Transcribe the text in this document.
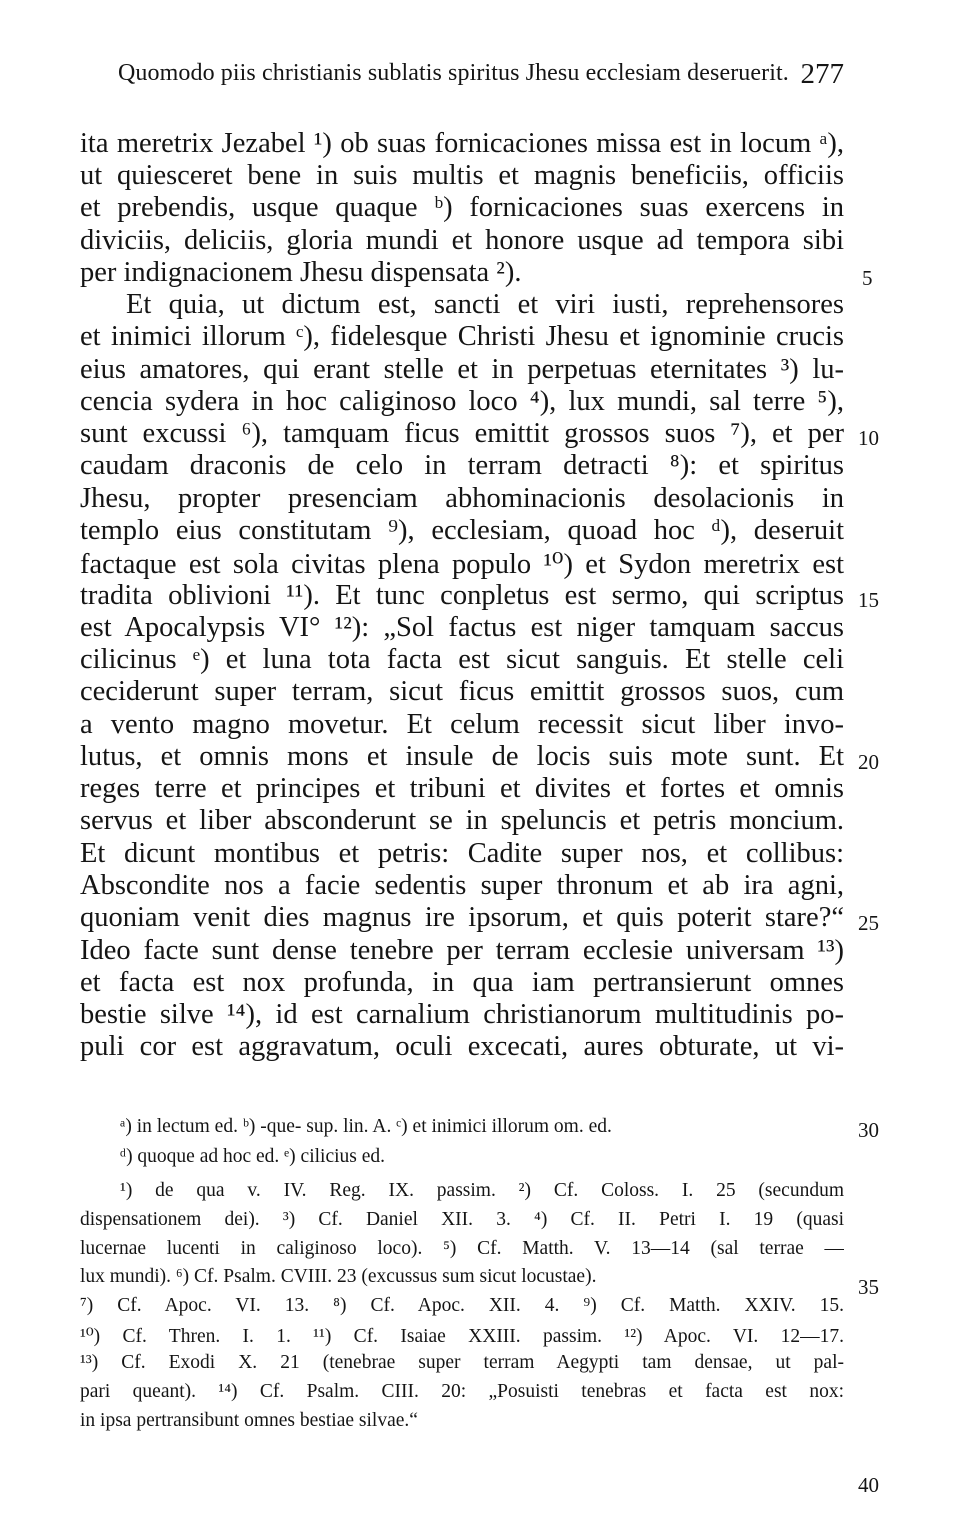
Quomodo piis christianis sublatis spiritus Jhesu ecclesiam deseruerit. 277
ita meretrix Jezabel ¹) ob suas fornicaciones missa est in locum ᵃ),
ut quiesceret bene in suis multis et magnis beneficiis, officiis
et prebendis, usque quaque ᵇ) fornicaciones suas exercens in
diviciis, deliciis, gloria mundi et honore usque ad tempora sibi
per indignacionem Jhesu dispensata ²).
Et quia, ut dictum est, sancti et viri iusti, reprehensores
et inimici illorum ᶜ), fidelesque Christi Jhesu et ignominie crucis
eius amatores, qui erant stelle et in perpetuas eternitates ³) lu-
cencia sydera in hoc caliginoso loco ⁴), lux mundi, sal terre ⁵),
sunt excussi ⁶), tamquam ficus emittit grossos suos ⁷), et per
caudam draconis de celo in terram detracti ⁸): et spiritus
Jhesu, propter presenciam abhominacionis desolacionis in
templo eius constitutam ⁹), ecclesiam, quoad hoc ᵈ), deseruit
factaque est sola civitas plena populo ¹⁰) et Sydon meretrix est
tradita oblivioni ¹¹). Et tunc conpletus est sermo, qui scriptus
est Apocalypsis VI° ¹²): „Sol factus est niger tamquam saccus
cilicinus ᵉ) et luna tota facta est sicut sanguis. Et stelle celi
ceciderunt super terram, sicut ficus emittit grossos suos, cum
a vento magno movetur. Et celum recessit sicut liber invo-
lutus, et omnis mons et insule de locis suis mote sunt. Et
reges terre et principes et tribuni et divites et fortes et omnis
servus et liber absconderunt se in speluncis et petris moncium.
Et dicunt montibus et petris: Cadite super nos, et collibus:
Abscondite nos a facie sedentis super thronum et ab ira agni,
quoniam venit dies magnus ire ipsorum, et quis poterit stare?“
Ideo facte sunt dense tenebre per terram ecclesie universam ¹³)
et facta est nox profunda, in qua iam pertransierunt omnes
bestie silve ¹⁴), id est carnalium christianorum multitudinis po-
puli cor est aggravatum, oculi excecati, aures obturate, ut vi-
5
10
15
20
25
30
35
40
ᵃ) in lectum ed. ᵇ) -que- sup. lin. A. ᶜ) et inimici illorum om. ed.
ᵈ) quoque ad hoc ed. ᵉ) cilicius ed.
¹) de qua v. IV. Reg. IX. passim. ²) Cf. Coloss. I. 25 (secundum
dispensationem dei). ³) Cf. Daniel XII. 3. ⁴) Cf. II. Petri I. 19 (quasi
lucernae lucenti in caliginoso loco). ⁵) Cf. Matth. V. 13—14 (sal terrae —
lux mundi). ⁶) Cf. Psalm. CVIII. 23 (excussus sum sicut locustae).
⁷) Cf. Apoc. VI. 13. ⁸) Cf. Apoc. XII. 4. ⁹) Cf. Matth. XXIV. 15.
¹⁰) Cf. Thren. I. 1. ¹¹) Cf. Isaiae XXIII. passim. ¹²) Apoc. VI. 12—17.
¹³) Cf. Exodi X. 21 (tenebrae super terram Aegypti tam densae, ut pal-
pari queant). ¹⁴) Cf. Psalm. CIII. 20: „Posuisti tenebras et facta est nox:
in ipsa pertransibunt omnes bestiae silvae.“
